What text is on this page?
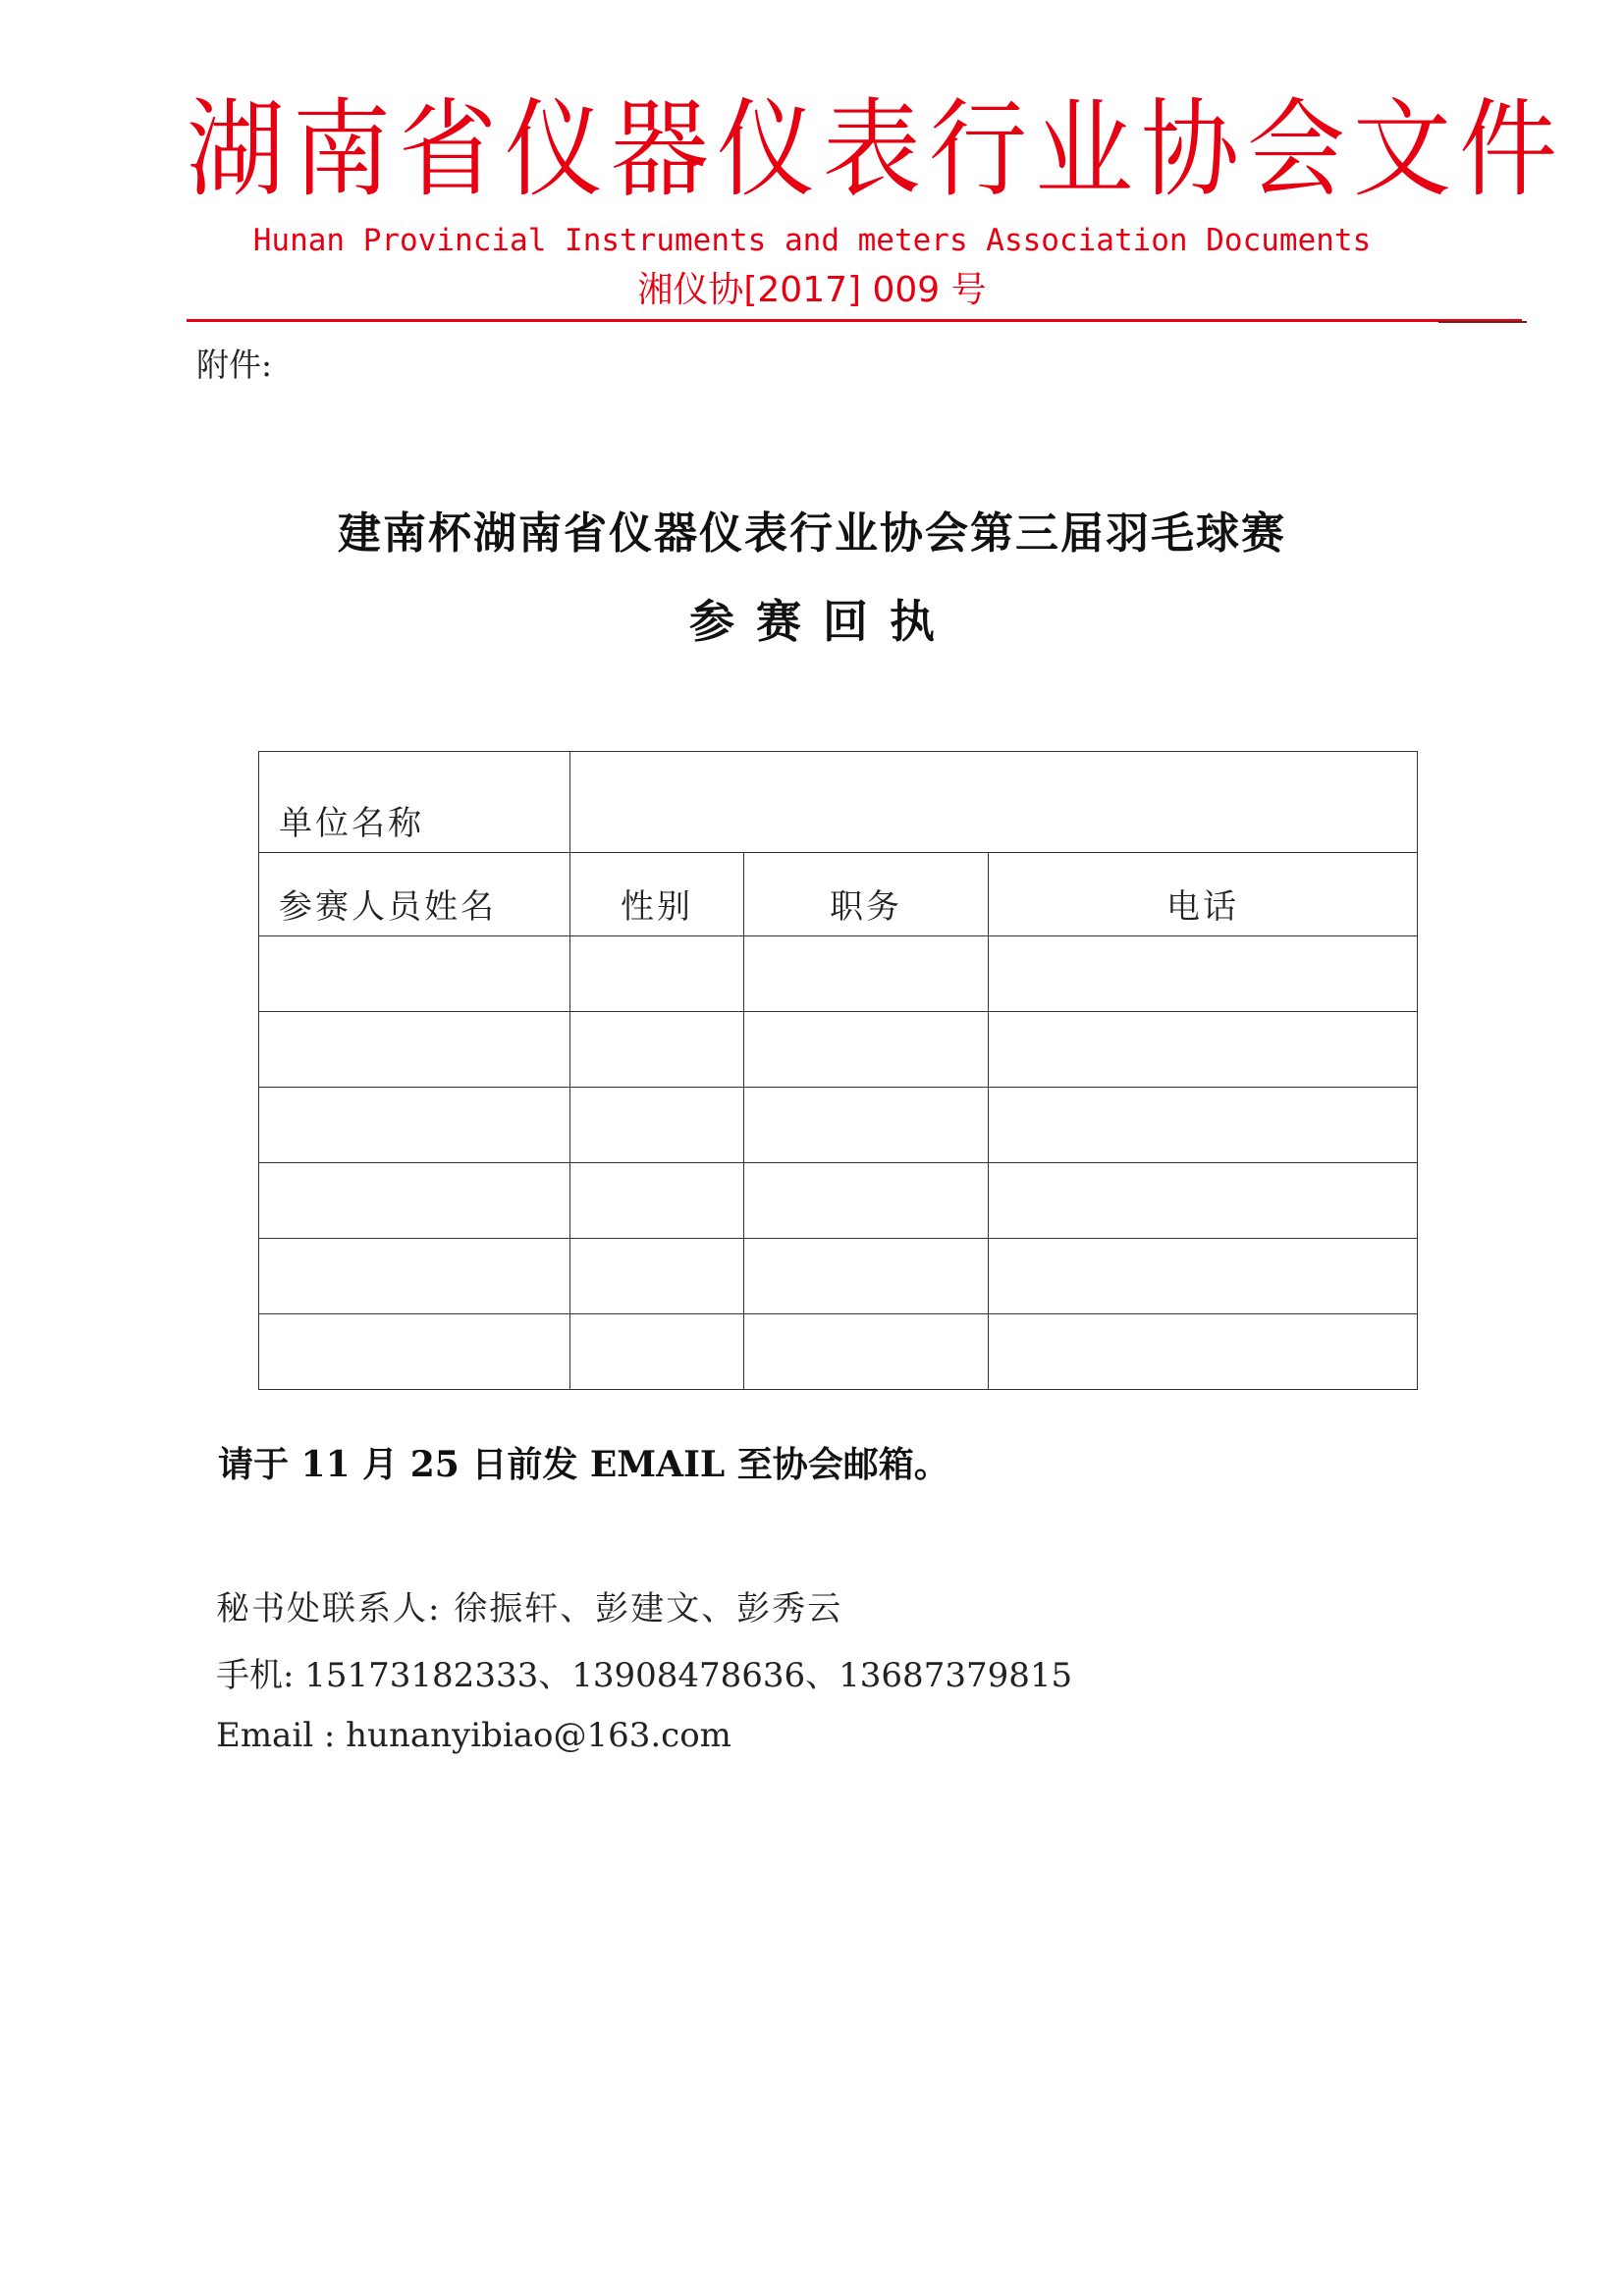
湖南省仪器仪表行业协会文件
Hunan Provincial Instruments and meters Association Documents
湘仪协[2017] 009 号
附件:
建南杯湖南省仪器仪表行业协会第三届羽毛球赛
参赛回执
单位名称			
参赛人员姓名	性别	职务	电话

请于 11 月 25 日前发 EMAIL 至协会邮箱。
秘书处联系人: 徐振轩、彭建文、彭秀云
手机: 15173182333、13908478636、13687379815
Email : hunanyibiao@163.com
